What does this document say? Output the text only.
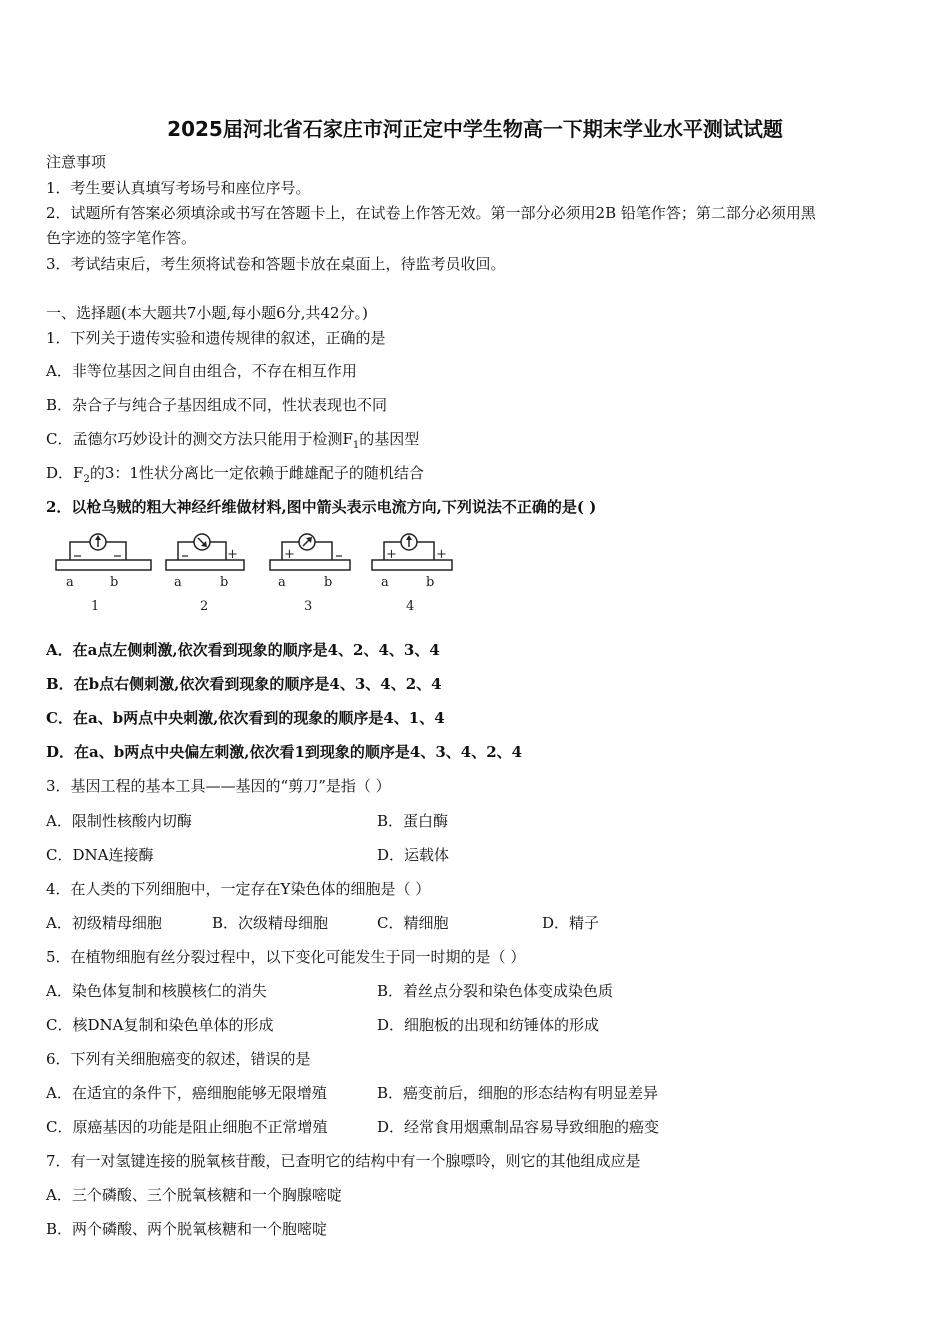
2025届河北省石家庄市河正定中学生物高一下期末学业水平测试试题
注意事项
1．考生要认真填写考场号和座位序号。
2．试题所有答案必须填涂或书写在答题卡上，在试卷上作答无效。第一部分必须用2B 铅笔作答；第二部分必须用黑
色字迹的签字笔作答。
3．考试结束后，考生须将试卷和答题卡放在桌面上，待监考员收回。
一、选择题(本大题共7小题,每小题6分,共42分。)
1．下列关于遗传实验和遗传规律的叙述，正确的是
A．非等位基因之间自由组合，不存在相互作用
B．杂合子与纯合子基因组成不同，性状表现也不同
C．孟德尔巧妙设计的测交方法只能用于检测$F_1$的基因型
D．$F_2$的3：1性状分离比一定依赖于雌雄配子的随机结合
2．以枪乌贼的粗大神经纤维做材料,图中箭头表示电流方向,下列说法不正确的是( )
a	b
1
+
a	b
2
+
a	b
3
+	+
a	b
4
A．在a点左侧刺激,依次看到现象的顺序是4、2、4、3、4
B．在b点右侧刺激,依次看到现象的顺序是4、3、4、2、4
C．在a、b两点中央刺激,依次看到的现象的顺序是4、1、4
D．在a、b两点中央偏左刺激,依次看1到现象的顺序是4、3、4、2、4
3．基因工程的基本工具——基因的“剪刀”是指（ ）
A．限制性核酸内切酶	B．蛋白酶
C．DNA连接酶	D．运载体
4．在人类的下列细胞中，一定存在Y染色体的细胞是（ ）
A．初级精母细胞	B．次级精母细胞	C．精细胞	D．精子
5．在植物细胞有丝分裂过程中，以下变化可能发生于同一时期的是（ ）
A．染色体复制和核膜核仁的消失	B．着丝点分裂和染色体变成染色质
C．核DNA复制和染色单体的形成	D．细胞板的出现和纺锤体的形成
6．下列有关细胞癌变的叙述，错误的是
A．在适宜的条件下，癌细胞能够无限增殖	B．癌变前后，细胞的形态结构有明显差异
C．原癌基因的功能是阻止细胞不正常增殖	D．经常食用烟熏制品容易导致细胞的癌变
7．有一对氢键连接的脱氧核苷酸，已查明它的结构中有一个腺嘌呤，则它的其他组成应是
A．三个磷酸、三个脱氧核糖和一个胸腺嘧啶
B．两个磷酸、两个脱氧核糖和一个胞嘧啶
